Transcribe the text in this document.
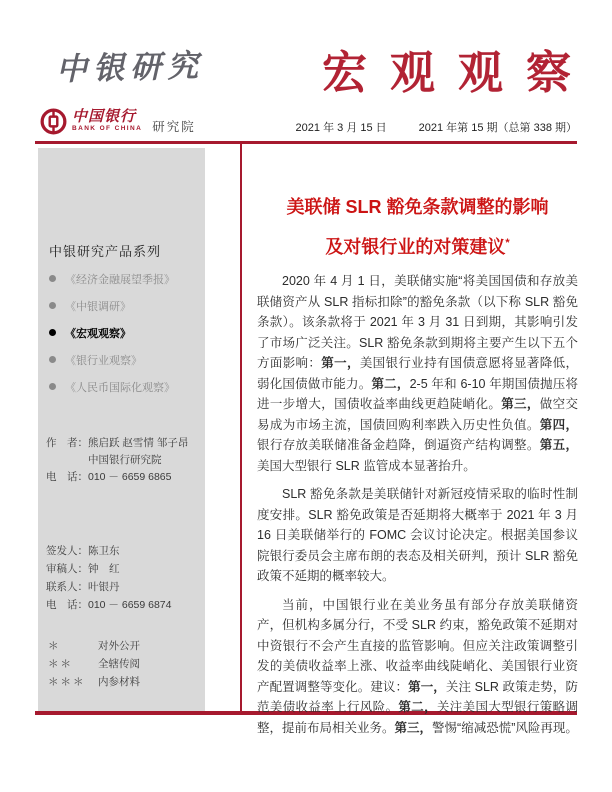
中银研究	宏观观察
中国银行
BANK OF CHINA 研究院	2021 年 3 月 15 日	2021 年第 15 期（总第 338 期）
中银研究产品系列
《经济金融展望季报》
《中银调研》
《宏观观察》
《银行业观察》
《人民币国际化观察》
作　者：熊启跃 赵雪情 邹子昂
中国银行研究院
电　话：010 － 6659 6865
签发人：陈卫东
审稿人：钟　红
联系人：叶银丹
电　话：010 － 6659 6874
＊	对外公开
＊＊	全辖传阅
＊＊＊	内参材料
美联储 SLR 豁免条款调整的影响
及对银行业的对策建议*

2020 年 4 月 1 日，美联储实施“将美国国债和存放美联储资产从 SLR 指标扣除”的豁免条款（以下称 SLR 豁免条款）。该条款将于 2021 年 3 月 31 日到期，其影响引发了市场广泛关注。SLR 豁免条款到期将主要产生以下五个方面影响：第一，美国银行业持有国债意愿将显著降低，弱化国债做市能力。第二，2-5 年和 6-10 年期国债抛压将进一步增大，国债收益率曲线更趋陡峭化。第三，做空交易成为市场主流，国债回购利率跌入历史性负值。第四，银行存放美联储准备金趋降，倒逼资产结构调整。第五，美国大型银行 SLR 监管成本显著抬升。

SLR 豁免条款是美联储针对新冠疫情采取的临时性制度安排。SLR 豁免政策是否延期将大概率于 2021 年 3 月 16 日美联储举行的 FOMC 会议讨论决定。根据美国参议院银行委员会主席布朗的表态及相关研判，预计 SLR 豁免政策不延期的概率较大。

当前，中国银行业在美业务虽有部分存放美联储资产，但机构多属分行，不受 SLR 约束，豁免政策不延期对中资银行不会产生直接的监管影响。但应关注政策调整引发的美债收益率上涨、收益率曲线陡峭化、美国银行业资产配置调整等变化。建议：第一，关注 SLR 政策走势，防范美债收益率上行风险。第二，关注美国大型银行策略调整，提前布局相关业务。第三，警惕“缩减恐慌”风险再现。
